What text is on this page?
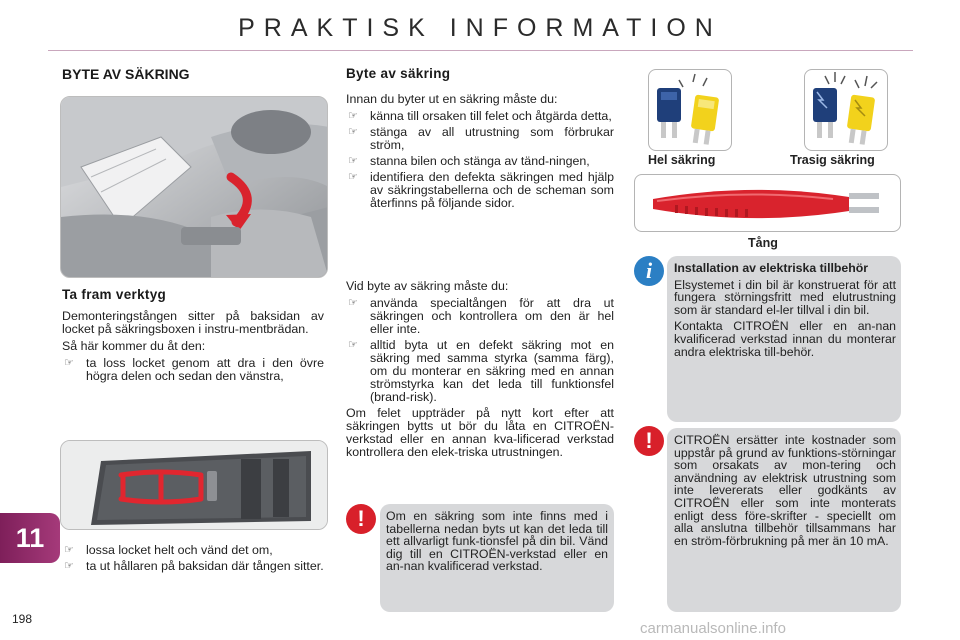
PRAKTISK INFORMATION
BYTE AV SÄKRING
Ta fram verktyg

Demonteringstången sitter på baksidan av locket på säkringsboxen i instru-mentbrädan.

Så här kommer du åt den:

☞ ta loss locket genom att dra i den övre högra delen och sedan den vänstra,
☞ lossa locket helt och vänd det om,
☞ ta ut hållaren på baksidan där tången sitter.
Byte av säkring

Innan du byter ut en säkring måste du:

☞ känna till orsaken till felet och åtgärda detta,
☞ stänga av all utrustning som förbrukar ström,
☞ stanna bilen och stänga av tänd-ningen,
☞ identifiera den defekta säkringen med hjälp av säkringstabellerna och de scheman som återfinns på följande sidor.

Vid byte av säkring måste du:

☞ använda specialtången för att dra ut säkringen och kontrollera om den är hel eller inte.
☞ alltid byta ut en defekt säkring mot en säkring med samma styrka (samma färg), om du monterar en säkring med en annan strömstyrka kan det leda till funktionsfel (brand-risk).

Om felet uppträder på nytt kort efter att säkringen bytts ut bör du låta en CITROËN-verkstad eller en annan kva-lificerad verkstad kontrollera den elek-triska utrustningen.

!	Om en säkring som inte finns med i tabellerna nedan byts ut kan det leda till ett allvarligt funk-tionsfel på din bil. Vänd dig till en CITROËN-verkstad eller en an-nan kvalificerad verkstad.
Hel säkring	Trasig säkring
Tång
i	Installation av elektriska tillbehör

Elsystemet i din bil är konstruerat för att fungera störningsfritt med elutrustning som är standard el-ler tillval i din bil.

Kontakta CITROËN eller en an-nan kvalificerad verkstad innan du monterar andra elektriska till-behör.

!	CITROËN ersätter inte kostnader som uppstår på grund av funktions-störningar som orsakats av mon-tering och användning av elektrisk utrustning som inte levererats eller godkänts av CITROËN eller som inte monterats enligt dess före-skrifter - speciellt om alla anslutna tillbehör tillsammans har en ström-förbrukning på mer än 10 mA.
11
198
carmanualsonline.info
